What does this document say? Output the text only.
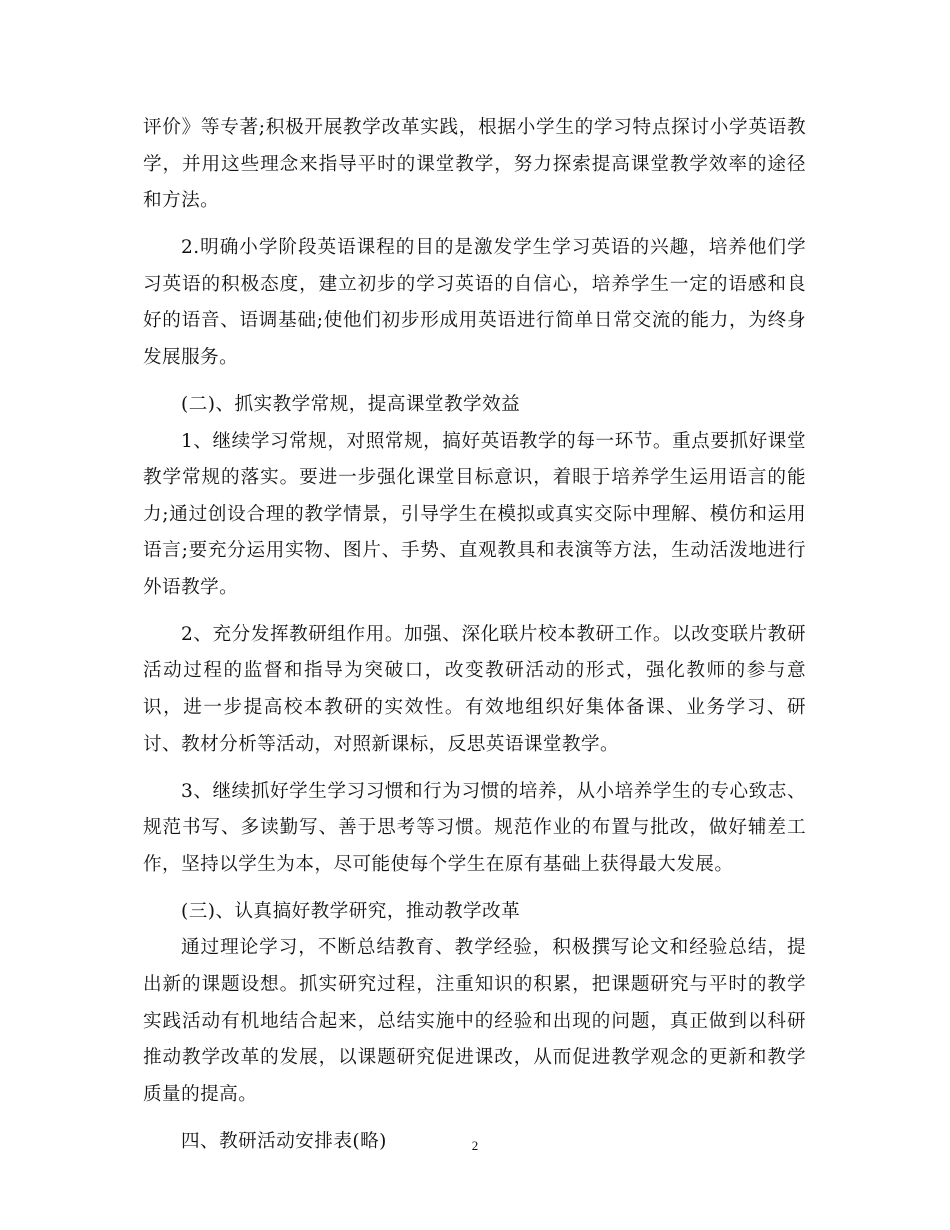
评价》等专著;积极开展教学改革实践，根据小学生的学习特点探讨小学英语教学，并用这些理念来指导平时的课堂教学，努力探索提高课堂教学效率的途径和方法。

2.明确小学阶段英语课程的目的是激发学生学习英语的兴趣，培养他们学习英语的积极态度，建立初步的学习英语的自信心，培养学生一定的语感和良好的语音、语调基础;使他们初步形成用英语进行简单日常交流的能力，为终身发展服务。

(二)、抓实教学常规，提高课堂教学效益

1、继续学习常规，对照常规，搞好英语教学的每一环节。重点要抓好课堂教学常规的落实。要进一步强化课堂目标意识，着眼于培养学生运用语言的能力;通过创设合理的教学情景，引导学生在模拟或真实交际中理解、模仿和运用语言;要充分运用实物、图片、手势、直观教具和表演等方法，生动活泼地进行外语教学。

2、充分发挥教研组作用。加强、深化联片校本教研工作。以改变联片教研活动过程的监督和指导为突破口，改变教研活动的形式，强化教师的参与意识，进一步提高校本教研的实效性。有效地组织好集体备课、业务学习、研讨、教材分析等活动，对照新课标，反思英语课堂教学。

3、继续抓好学生学习习惯和行为习惯的培养，从小培养学生的专心致志、规范书写、多读勤写、善于思考等习惯。规范作业的布置与批改，做好辅差工作，坚持以学生为本，尽可能使每个学生在原有基础上获得最大发展。

(三)、认真搞好教学研究，推动教学改革

通过理论学习，不断总结教育、教学经验，积极撰写论文和经验总结，提出新的课题设想。抓实研究过程，注重知识的积累，把课题研究与平时的教学实践活动有机地结合起来，总结实施中的经验和出现的问题，真正做到以科研推动教学改革的发展，以课题研究促进课改，从而促进教学观念的更新和教学质量的提高。

四、教研活动安排表(略)	2
